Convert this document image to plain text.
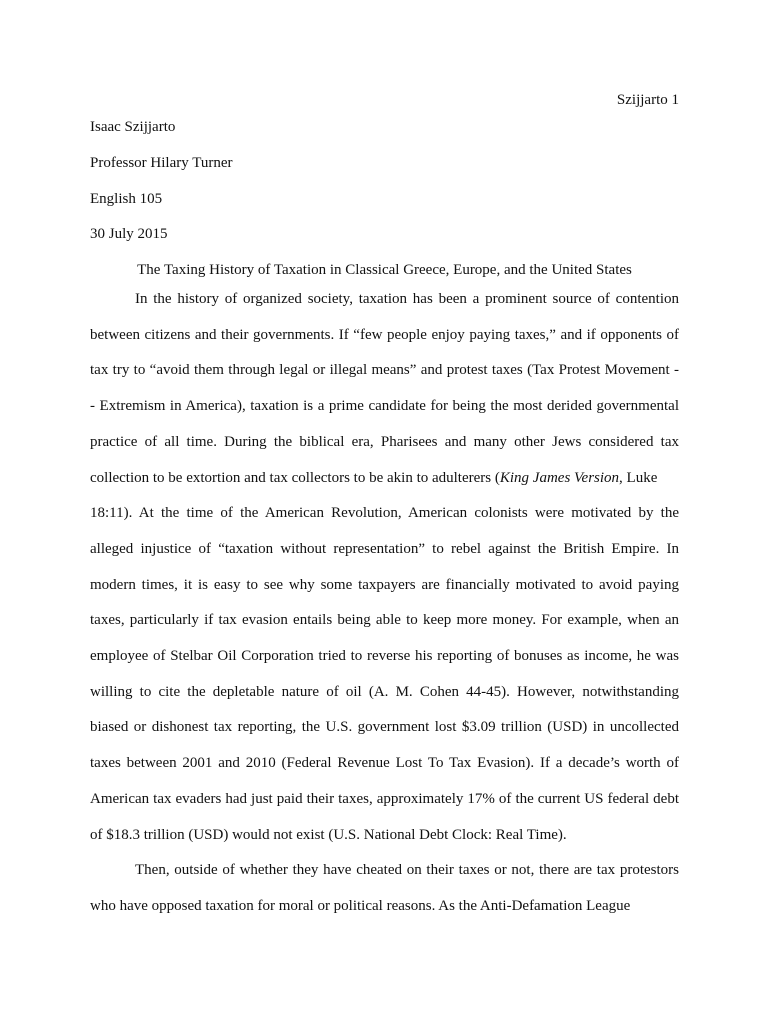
Szijjarto 1
Isaac Szijjarto
Professor Hilary Turner
English 105
30 July 2015
The Taxing History of Taxation in Classical Greece, Europe, and the United States
In the history of organized society, taxation has been a prominent source of contention
between citizens and their governments. If “few people enjoy paying taxes,” and if opponents of
tax try to “avoid them through legal or illegal means” and protest taxes (Tax Protest Movement -
- Extremism in America), taxation is a prime candidate for being the most derided governmental
practice of all time. During the biblical era, Pharisees and many other Jews considered tax
collection to be extortion and tax collectors to be akin to adulterers (King James Version, Luke
18:11). At the time of the American Revolution, American colonists were motivated by the
alleged injustice of “taxation without representation” to rebel against the British Empire. In
modern times, it is easy to see why some taxpayers are financially motivated to avoid paying
taxes, particularly if tax evasion entails being able to keep more money. For example, when an
employee of Stelbar Oil Corporation tried to reverse his reporting of bonuses as income, he was
willing to cite the depletable nature of oil (A. M. Cohen 44-45). However, notwithstanding
biased or dishonest tax reporting, the U.S. government lost $3.09 trillion (USD) in uncollected
taxes between 2001 and 2010 (Federal Revenue Lost To Tax Evasion). If a decade’s worth of
American tax evaders had just paid their taxes, approximately 17% of the current US federal debt
of $18.3 trillion (USD) would not exist (U.S. National Debt Clock: Real Time).
Then, outside of whether they have cheated on their taxes or not, there are tax protestors
who have opposed taxation for moral or political reasons. As the Anti-Defamation League
